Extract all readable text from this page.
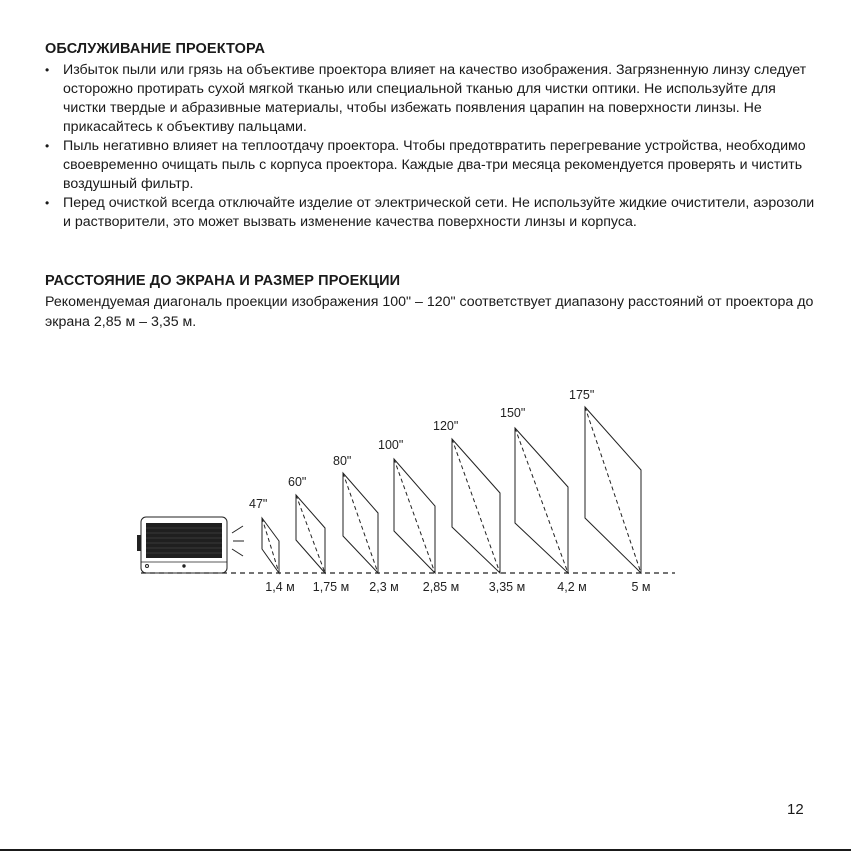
ОБСЛУЖИВАНИЕ ПРОЕКТОРА
• Избыток пыли или грязь на объективе проектора влияет на качество изображения. Загрязненную линзу следует осторожно протирать сухой мягкой тканью или специальной тканью для чистки оптики. Не используйте для чистки твердые и абразивные материалы, чтобы избежать появления царапин на поверхности линзы. Не прикасайтесь к объективу пальцами.
• Пыль негативно влияет на теплоотдачу проектора. Чтобы предотвратить перегревание устройства, необходимо своевременно очищать пыль с корпуса проектора. Каждые два-три месяца рекомендуется проверять и чистить воздушный фильтр.
• Перед очисткой всегда отключайте изделие от электрической сети. Не используйте жидкие очистители, аэрозоли и растворители, это может вызвать изменение качества поверхности линзы и корпуса.
РАССТОЯНИЕ ДО ЭКРАНА И РАЗМЕР ПРОЕКЦИИ

Рекомендуемая диагональ проекции изображения 100" – 120" соответствует диапазону расстояний от проектора до экрана 2,85 м – 3,35 м.

47"
1,4 м
60"
1,75 м
80"
2,3 м
100"
2,85 м
120"
3,35 м
150"
4,2 м
175"
5 м
12
